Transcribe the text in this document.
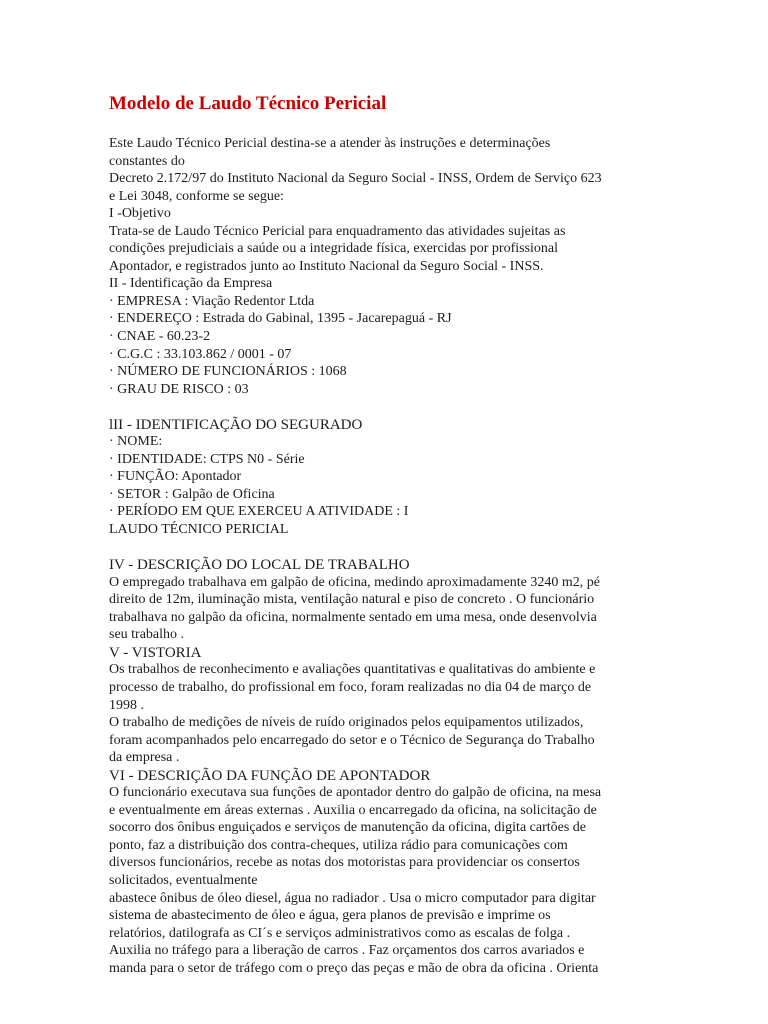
Modelo de Laudo Técnico Pericial
Este Laudo Técnico Pericial destina-se a atender às instruções e determinações
constantes do
Decreto 2.172/97 do Instituto Nacional da Seguro Social - INSS, Ordem de Serviço 623
e Lei 3048, conforme se segue:
I -Objetivo
Trata-se de Laudo Técnico Pericial para enquadramento das atividades sujeitas as
condições prejudiciais a saúde ou a integridade física, exercidas por profissional
Apontador, e registrados junto ao Instituto Nacional da Seguro Social - INSS.
II - Identificação da Empresa
· EMPRESA : Viação Redentor Ltda
· ENDEREÇO : Estrada do Gabinal, 1395 - Jacarepaguá - RJ
· CNAE - 60.23-2
· C.G.C : 33.103.862 / 0001 - 07
· NÚMERO DE FUNCIONÁRIOS : 1068
· GRAU DE RISCO : 03
lII - IDENTIFICAÇÃO DO SEGURADO
· NOME:
· IDENTIDADE: CTPS N0 - Série
· FUNÇÃO: Apontador
· SETOR : Galpão de Oficina
· PERÍODO EM QUE EXERCEU A ATIVIDADE : I
LAUDO TÉCNICO PERICIAL
IV - DESCRIÇÃO DO LOCAL DE TRABALHO
O empregado trabalhava em galpão de oficina, medindo aproximadamente 3240 m2, pé
direito de 12m, iluminação mista, ventilação natural e piso de concreto . O funcionário
trabalhava no galpão da oficina, normalmente sentado em uma mesa, onde desenvolvia
seu trabalho .
V - VISTORIA
Os trabalhos de reconhecimento e avaliações quantitativas e qualitativas do ambiente e
processo de trabalho, do profissional em foco, foram realizadas no dia 04 de março de
1998 .
O trabalho de medições de níveis de ruído originados pelos equipamentos utilizados,
foram acompanhados pelo encarregado do setor e o Técnico de Segurança do Trabalho
da empresa .
VI - DESCRIÇÃO DA FUNÇÃO DE APONTADOR
O funcionário executava sua funções de apontador dentro do galpão de oficina, na mesa
e eventualmente em áreas externas . Auxilia o encarregado da oficina, na solicitação de
socorro dos ônibus enguiçados e serviços de manutenção da oficina, digita cartões de
ponto, faz a distribuição dos contra-cheques, utiliza rádio para comunicações com
diversos funcionários, recebe as notas dos motoristas para providenciar os consertos
solicitados, eventualmente
abastece ônibus de óleo diesel, água no radiador . Usa o micro computador para digitar
sistema de abastecimento de óleo e água, gera planos de previsão e imprime os
relatórios, datilografa as CI´s e serviços administrativos como as escalas de folga .
Auxilia no tráfego para a liberação de carros . Faz orçamentos dos carros avariados e
manda para o setor de tráfego com o preço das peças e mão de obra da oficina . Orienta
